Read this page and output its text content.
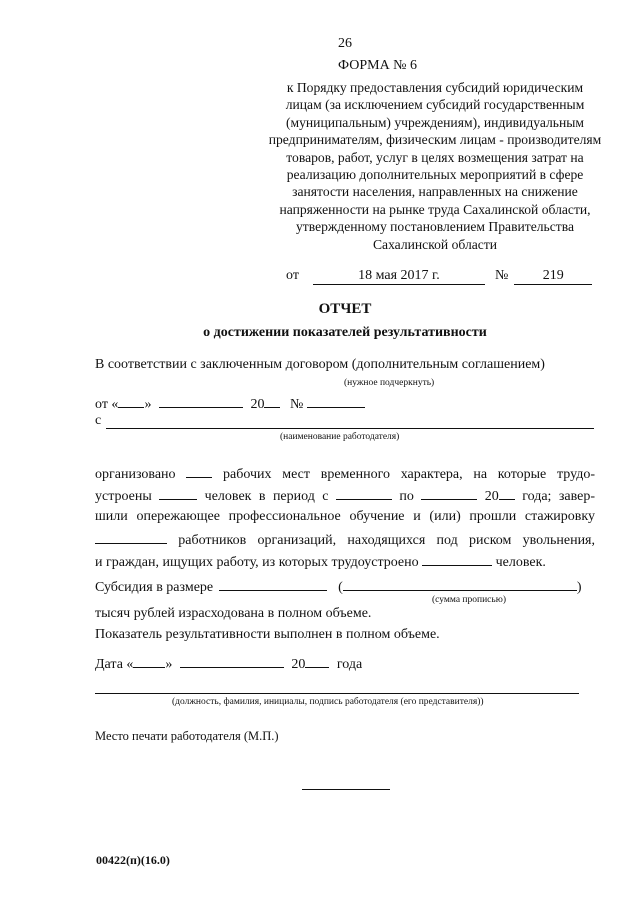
26
ФОРМА № 6
к Порядку предоставления субсидий юридическим лицам (за исключением субсидий государственным (муниципальным) учреждениям), индивидуальным предпринимателям, физическим лицам - производителям товаров, работ, услуг в целях возмещения затрат на реализацию дополнительных мероприятий в сфере занятости населения, направленных на снижение напряженности на рынке труда Сахалинской области, утвержденному постановлением Правительства Сахалинской области
от	18 мая 2017 г.	№ 219
ОТЧЕТ
о достижении показателей результативности
В соответствии с заключенным договором (дополнительным соглашением)
(нужное подчеркнуть)
от « »	20 №
с
(наименование работодателя)
организовано	рабочих мест временного характера, на которые трудо-
устроены	человек в период с	по	20 года; завер-
шили опережающее профессиональное обучение и (или) прошли стажировку
работников организаций, находящихся под риском увольнения,
и граждан, ищущих работу, из которых трудоустроено	человек.
Субсидия в размере	(	)
(сумма прописью)
тысяч рублей израсходована в полном объеме.
Показатель результативности выполнен в полном объеме.
Дата « »	20 года
(должность, фамилия, инициалы, подпись работодателя (его представителя))
Место печати работодателя (М.П.)
00422(п)(16.0)
